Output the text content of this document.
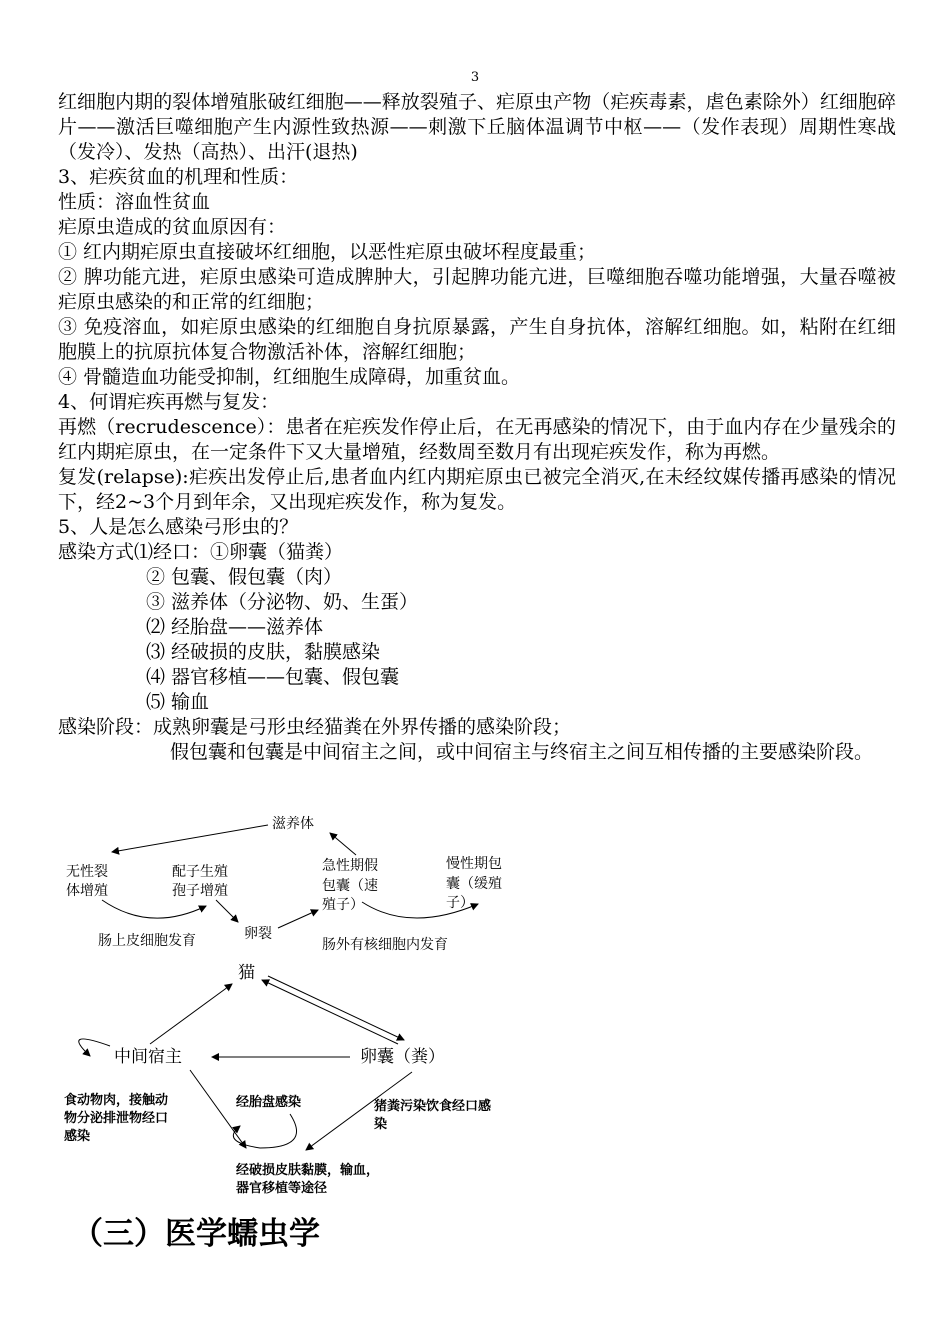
3

红细胞内期的裂体增殖胀破红细胞——释放裂殖子、疟原虫产物（疟疾毒素，虐色素除外）红细胞碎片——激活巨噬细胞产生内源性致热源——刺激下丘脑体温调节中枢——（发作表现）周期性寒战（发冷）、发热（高热）、出汗(退热)

3、疟疾贫血的机理和性质：

性质：溶血性贫血

疟原虫造成的贫血原因有：

① 红内期疟原虫直接破坏红细胞，以恶性疟原虫破坏程度最重；

② 脾功能亢进，疟原虫感染可造成脾肿大，引起脾功能亢进，巨噬细胞吞噬功能增强，大量吞噬被疟原虫感染的和正常的红细胞；

③ 免疫溶血，如疟原虫感染的红细胞自身抗原暴露，产生自身抗体，溶解红细胞。如，粘附在红细胞膜上的抗原抗体复合物激活补体，溶解红细胞；

④ 骨髓造血功能受抑制，红细胞生成障碍，加重贫血。

4、何谓疟疾再燃与复发：

再燃（recrudescence）：患者在疟疾发作停止后，在无再感染的情况下，由于血内存在少量残余的红内期疟原虫，在一定条件下又大量增殖，经数周至数月有出现疟疾发作，称为再燃。

复发(relapse):疟疾出发停止后,患者血内红内期疟原虫已被完全消灭,在未经纹媒传播再感染的情况下，经2~3个月到年余，又出现疟疾发作，称为复发。

5、人是怎么感染弓形虫的？

感染方式⑴经口：①卵囊（猫粪）

② 包囊、假包囊（肉）

③ 滋养体（分泌物、奶、生蛋）

⑵ 经胎盘——滋养体

⑶ 经破损的皮肤，黏膜感染

⑷ 器官移植——包囊、假包囊

⑸ 输血

感染阶段：成熟卵囊是弓形虫经猫粪在外界传播的感染阶段；

假包囊和包囊是中间宿主之间，或中间宿主与终宿主之间互相传播的主要感染阶段。

滋养体
无性裂
体增殖
配子生殖
孢子增殖
急性期假
包囊（速
殖子）
慢性期包
囊（缓殖
子）
肠上皮细胞发育	卵裂
肠外有核细胞内发育
猫
中间宿主	卵囊（粪）
食动物肉，接触动
物分泌排泄物经口
感染
经胎盘感染	猪粪污染饮食经口感
染
经破损皮肤黏膜，输血，
器官移植等途径
（三）医学蠕虫学
